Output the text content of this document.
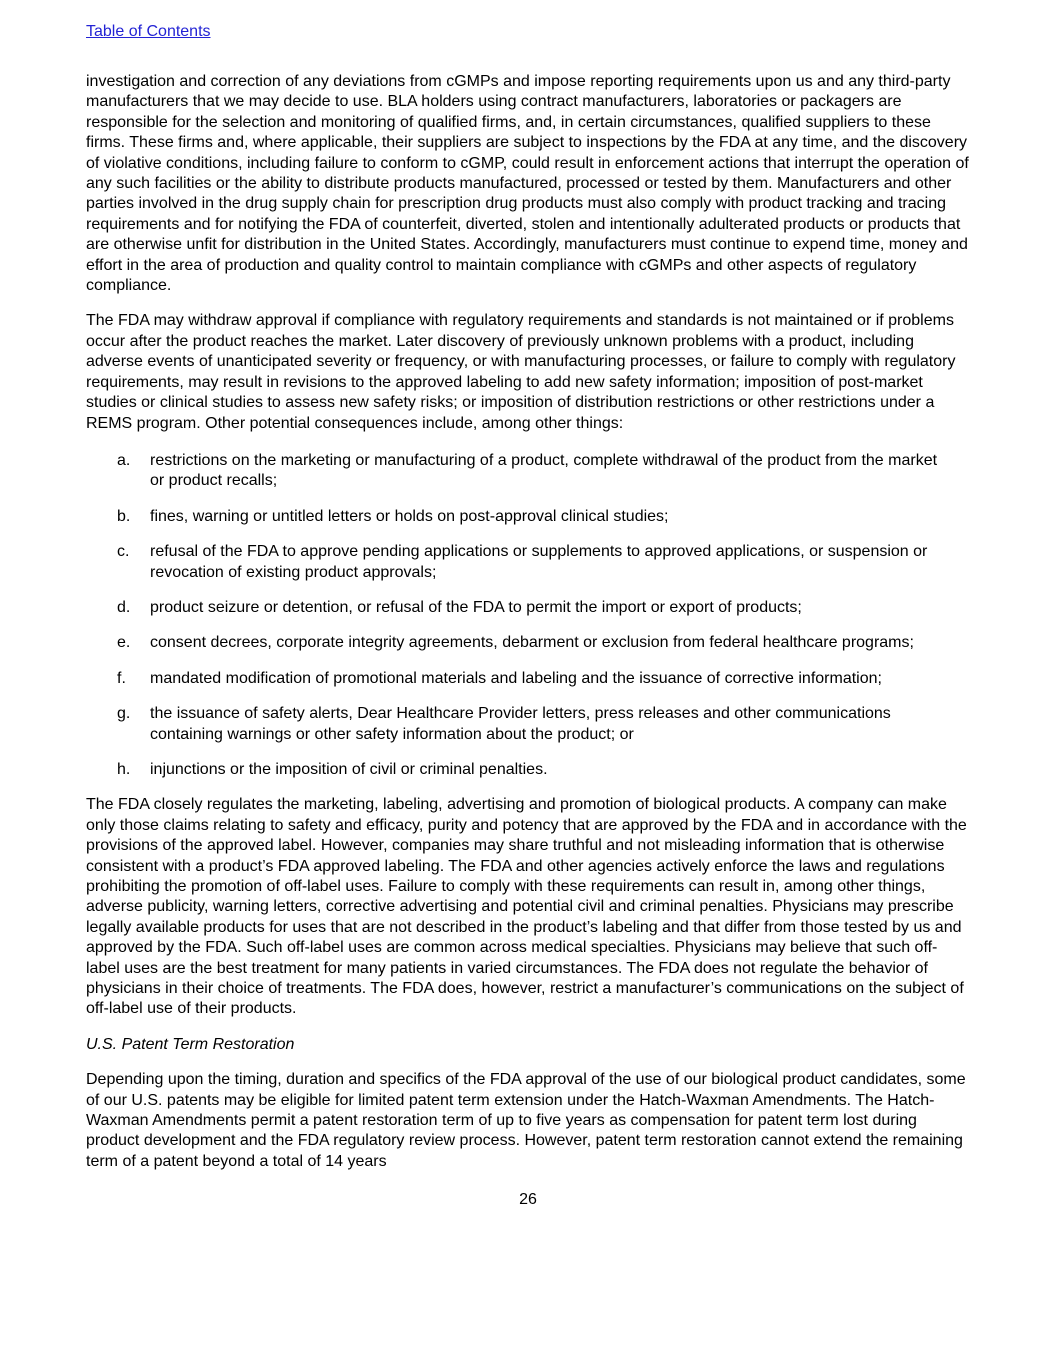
Table of Contents

investigation and correction of any deviations from cGMPs and impose reporting requirements upon us and any third-party manufacturers that we may decide to use. BLA holders using contract manufacturers, laboratories or packagers are responsible for the selection and monitoring of qualified firms, and, in certain circumstances, qualified suppliers to these firms. These firms and, where applicable, their suppliers are subject to inspections by the FDA at any time, and the discovery of violative conditions, including failure to conform to cGMP, could result in enforcement actions that interrupt the operation of any such facilities or the ability to distribute products manufactured, processed or tested by them. Manufacturers and other parties involved in the drug supply chain for prescription drug products must also comply with product tracking and tracing requirements and for notifying the FDA of counterfeit, diverted, stolen and intentionally adulterated products or products that are otherwise unfit for distribution in the United States. Accordingly, manufacturers must continue to expend time, money and effort in the area of production and quality control to maintain compliance with cGMPs and other aspects of regulatory compliance.

The FDA may withdraw approval if compliance with regulatory requirements and standards is not maintained or if problems occur after the product reaches the market. Later discovery of previously unknown problems with a product, including adverse events of unanticipated severity or frequency, or with manufacturing processes, or failure to comply with regulatory requirements, may result in revisions to the approved labeling to add new safety information; imposition of post-market studies or clinical studies to assess new safety risks; or imposition of distribution restrictions or other restrictions under a REMS program. Other potential consequences include, among other things:

a.	restrictions on the marketing or manufacturing of a product, complete withdrawal of the product from the market or product recalls;
b.	fines, warning or untitled letters or holds on post-approval clinical studies;
c.	refusal of the FDA to approve pending applications or supplements to approved applications, or suspension or revocation of existing product approvals;
d.	product seizure or detention, or refusal of the FDA to permit the import or export of products;
e.	consent decrees, corporate integrity agreements, debarment or exclusion from federal healthcare programs;
f.	mandated modification of promotional materials and labeling and the issuance of corrective information;
g.	the issuance of safety alerts, Dear Healthcare Provider letters, press releases and other communications containing warnings or other safety information about the product; or
h.	injunctions or the imposition of civil or criminal penalties.

The FDA closely regulates the marketing, labeling, advertising and promotion of biological products. A company can make only those claims relating to safety and efficacy, purity and potency that are approved by the FDA and in accordance with the provisions of the approved label. However, companies may share truthful and not misleading information that is otherwise consistent with a product’s FDA approved labeling. The FDA and other agencies actively enforce the laws and regulations prohibiting the promotion of off-label uses. Failure to comply with these requirements can result in, among other things, adverse publicity, warning letters, corrective advertising and potential civil and criminal penalties. Physicians may prescribe legally available products for uses that are not described in the product’s labeling and that differ from those tested by us and approved by the FDA. Such off-label uses are common across medical specialties. Physicians may believe that such off-label uses are the best treatment for many patients in varied circumstances. The FDA does not regulate the behavior of physicians in their choice of treatments. The FDA does, however, restrict a manufacturer’s communications on the subject of off-label use of their products.

U.S. Patent Term Restoration

Depending upon the timing, duration and specifics of the FDA approval of the use of our biological product candidates, some of our U.S. patents may be eligible for limited patent term extension under the Hatch-Waxman Amendments. The Hatch-Waxman Amendments permit a patent restoration term of up to five years as compensation for patent term lost during product development and the FDA regulatory review process. However, patent term restoration cannot extend the remaining term of a patent beyond a total of 14 years

26
